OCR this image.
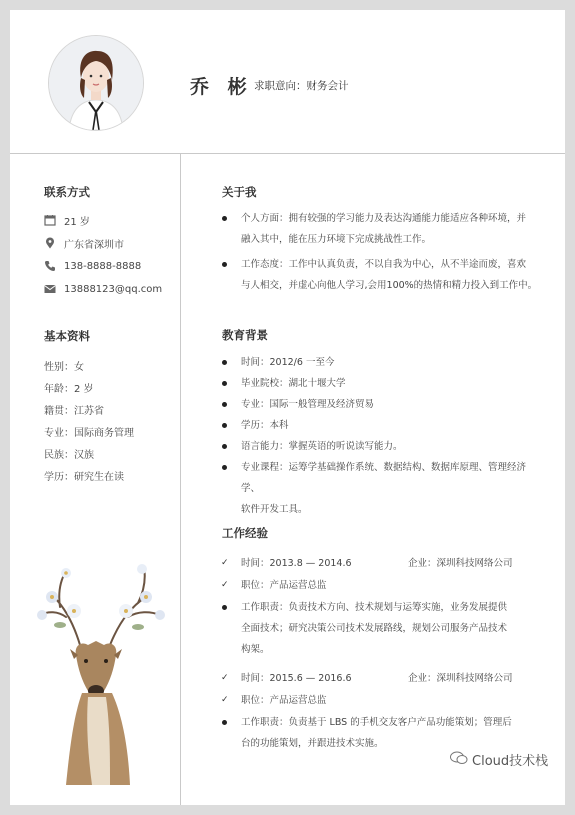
乔 彬 求职意向：财务会计
联系方式
21 岁
广东省深圳市
138-8888-8888
13888123@qq.com
基本资料
性别：女
年龄：2 岁
籍贯：江苏省
专业：国际商务管理
民族：汉族
学历：研究生在读
关于我
个人方面：拥有较强的学习能力及表达沟通能力能适应各种环境，并
融入其中，能在压力环境下完成挑战性工作。
工作态度：工作中认真负责，不以自我为中心，从不半途而废，喜欢
与人相交，并虚心向他人学习,会用100%的热情和精力投入到工作中。
教育背景
时间：2012/6 一至今
毕业院校：湖北十堰大学
专业：国际一般管理及经济贸易
学历：本科
语言能力：掌握英语的听说读写能力。
专业课程：运筹学基础操作系统、数据结构、数据库原理、管理经济学、
软件开发工具。
工作经验
✓ 时间：2013.8 — 2014.6	企业：深圳科技网络公司
✓ 职位：产品运营总监
工作职责：负责技术方向、技术规划与运筹实施，业务发展提供
全面技术；研究决策公司技术发展路线，规划公司服务产品技术
构架。
✓ 时间：2015.6 — 2016.6	企业：深圳科技网络公司
✓ 职位：产品运营总监
工作职责：负责基于 LBS 的手机交友客户产品功能策划；管理后
台的功能策划，并跟进技术实施。
Cloud技术栈
